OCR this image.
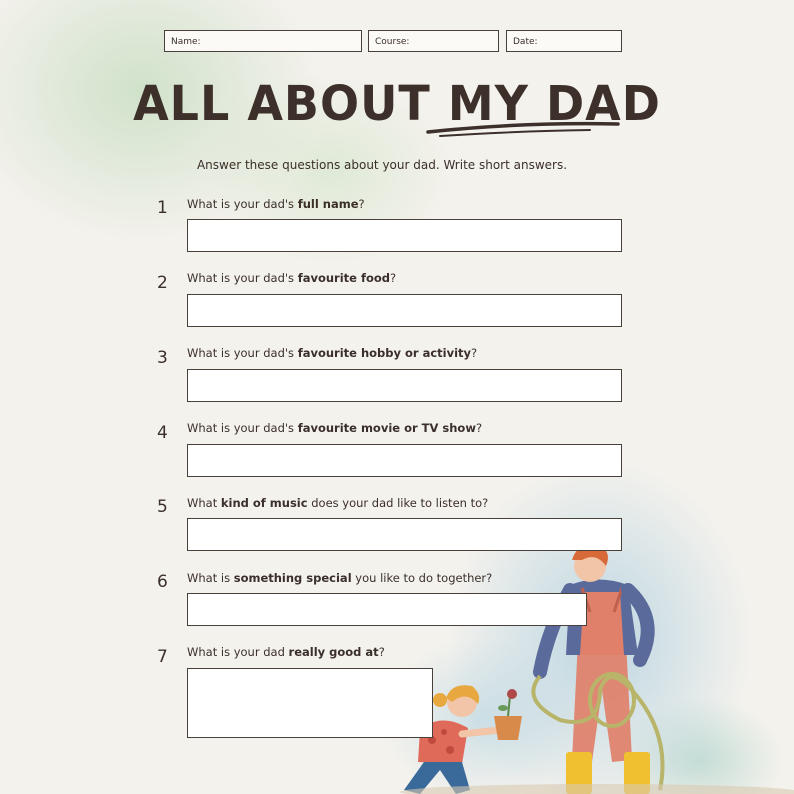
Name:	Course:	Date:
ALL ABOUT MY DAD
Answer these questions about your dad. Write short answers.
1 What is your dad's full name?
2 What is your dad's favourite food?
3 What is your dad's favourite hobby or activity?
4 What is your dad's favourite movie or TV show?
5 What kind of music does your dad like to listen to?
6 What is something special you like to do together?
7 What is your dad really good at?
